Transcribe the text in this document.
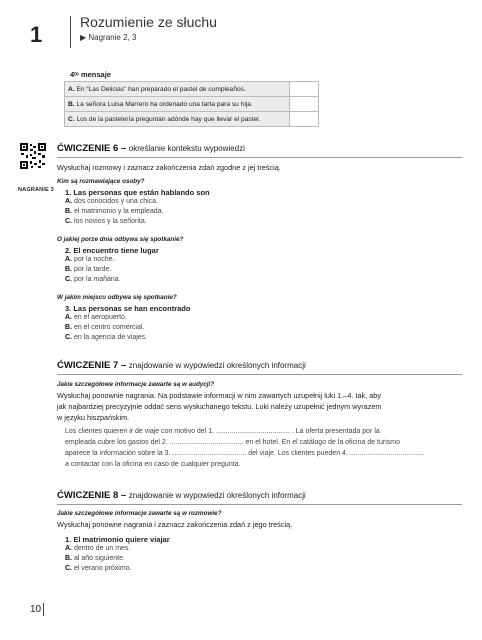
1	Rozumienie ze słuchu
▶ Nagranie 2, 3
4ᵗᵒ mensaje
A. En “Las Delicias” han preparado el pastel de cumpleaños.	
B. La señora Luisa Marrero ha ordenado una tarta para su hija.	
C. Los de la pastelería preguntan adónde hay que llevar el pastel.	
NAGRANIE 3
ĆWICZENIE 6 – określanie kontekstu wypowiedzi
Wysłuchaj rozmowy i zaznacz zakończenia zdań zgodne z jej treścią.
Kim są rozmawiające osoby?
1. Las personas que están hablando son
A. dos conocidos y una chica.
B. el matrimonio y la empleada.
C. los novios y la señorita.
O jakiej porze dnia odbywa się spotkanie?
2. El encuentro tiene lugar
A. por la noche.
B. por la tarde.
C. por la mañana.
W jakim miejscu odbywa się spotkanie?
3. Las personas se han encontrado
A. en el aeropuerto.
B. en el centro comercial.
C. en la agencia de viajes.
ĆWICZENIE 7 – znajdowanie w wypowiedzi określonych informacji
Jakie szczegółowe informacje zawarte są w audycji?
Wysłuchaj ponownie nagrania. Na podstawie informacji w nim zawartych uzupełnij luki 1.–4. tak, aby
jak najbardziej precyzyjnie oddać sens wysłuchanego tekstu. Luki należy uzupełnić jednym wyrazem
w języku hiszpańskim.
Los clientes quieren ir de viaje con motivo del 1. ...................................... . La oferta presentada por la
empleada cubre los gastos del 2. ...................................... en el hotel. En el catálogo de la oficina de turismo
aparece la información sobre la 3. ...................................... del viaje. Los clientes pueden 4. ......................................
a contactar con la oficina en caso de cualquier pregunta.
ĆWICZENIE 8 – znajdowanie w wypowiedzi określonych informacji
Jakie szczegółowe informacje zawarte są w rozmowie?
Wysłuchaj ponowne nagrania i zaznacz zakończenia zdań z jego treścią.
1. El matrimonio quiere viajar
A. dentro de un mes.
B. al año siguiente.
C. el verano próximo.
10
